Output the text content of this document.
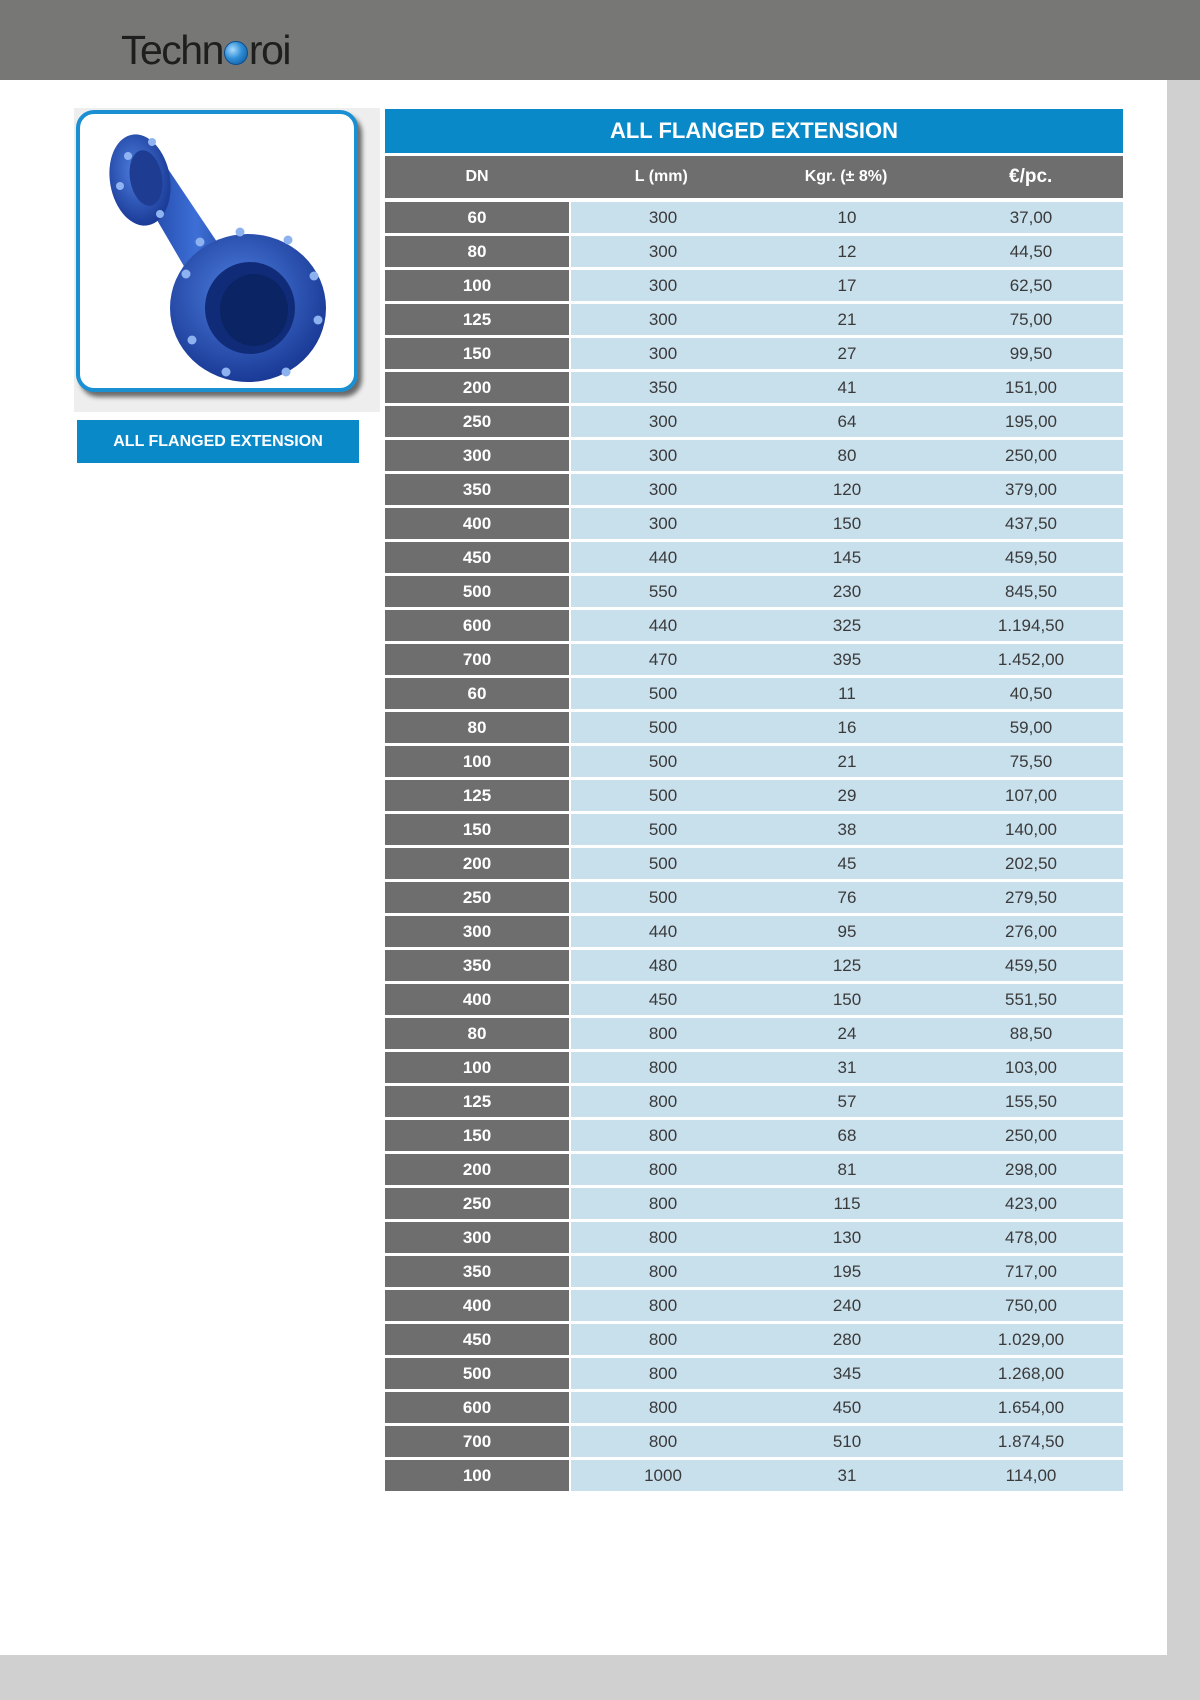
Techn roi
ALL FLANGED EXTENSION
ALL FLANGED EXTENSION
DN	L (mm)	Kgr. (± 8%)	€/pc.
60	300	10	37,00
80	300	12	44,50
100	300	17	62,50
125	300	21	75,00
150	300	27	99,50
200	350	41	151,00
250	300	64	195,00
300	300	80	250,00
350	300	120	379,00
400	300	150	437,50
450	440	145	459,50
500	550	230	845,50
600	440	325	1.194,50
700	470	395	1.452,00
60	500	11	40,50
80	500	16	59,00
100	500	21	75,50
125	500	29	107,00
150	500	38	140,00
200	500	45	202,50
250	500	76	279,50
300	440	95	276,00
350	480	125	459,50
400	450	150	551,50
80	800	24	88,50
100	800	31	103,00
125	800	57	155,50
150	800	68	250,00
200	800	81	298,00
250	800	115	423,00
300	800	130	478,00
350	800	195	717,00
400	800	240	750,00
450	800	280	1.029,00
500	800	345	1.268,00
600	800	450	1.654,00
700	800	510	1.874,50
100	1000	31	114,00
